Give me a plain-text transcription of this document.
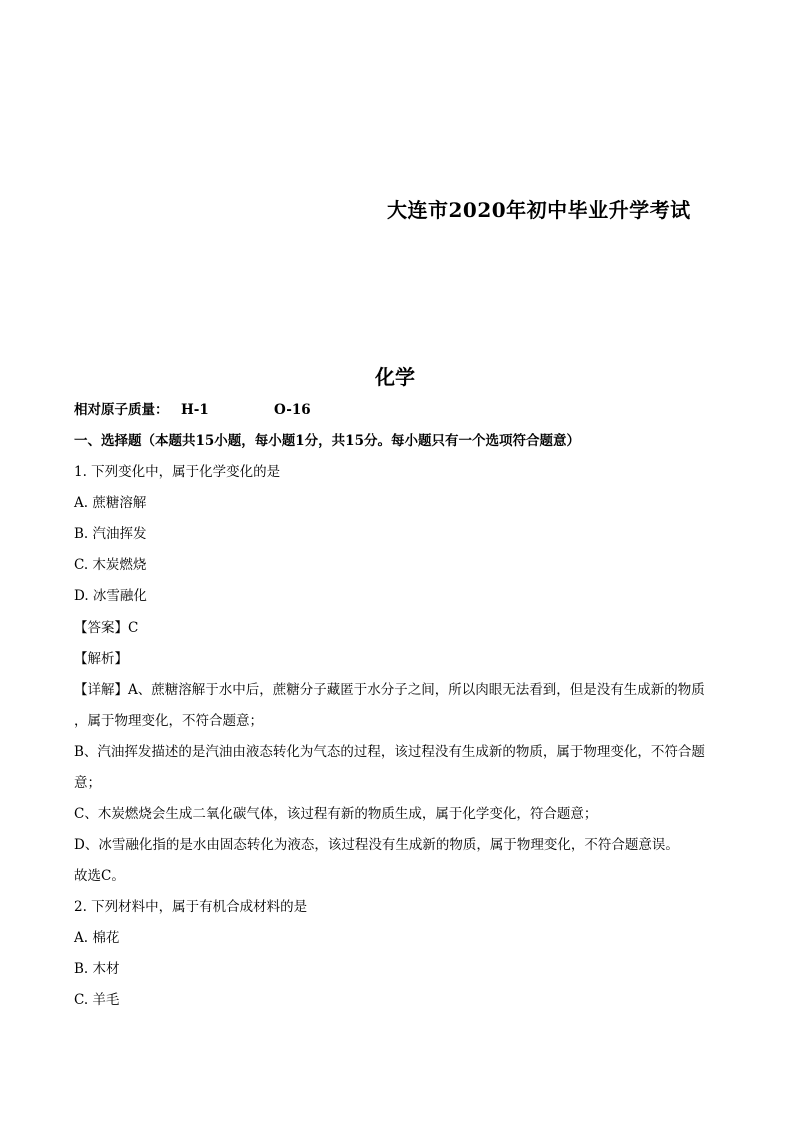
大连市2020年初中毕业升学考试
化学
相对原子质量： H-1	O-16
一、选择题（本题共15小题，每小题1分，共15分。每小题只有一个选项符合题意）
1. 下列变化中，属于化学变化的是
A. 蔗糖溶解
B. 汽油挥发
C. 木炭燃烧
D. 冰雪融化
【答案】C
【解析】
【详解】A、蔗糖溶解于水中后，蔗糖分子藏匿于水分子之间，所以肉眼无法看到，但是没有生成新的物质
，属于物理变化，不符合题意；
B、汽油挥发描述的是汽油由液态转化为气态的过程，该过程没有生成新的物质，属于物理变化，不符合题
意；
C、木炭燃烧会生成二氧化碳气体，该过程有新的物质生成，属于化学变化，符合题意；
D、冰雪融化指的是水由固态转化为液态，该过程没有生成新的物质，属于物理变化，不符合题意误。
故选C。
2. 下列材料中，属于有机合成材料的是
A. 棉花
B. 木材
C. 羊毛
